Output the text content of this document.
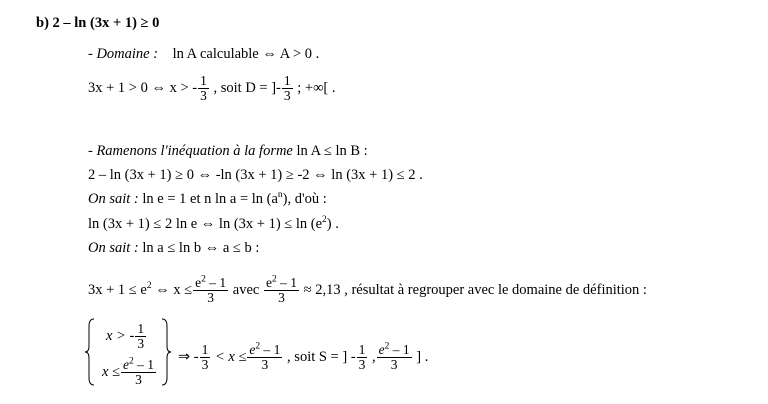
b) 2 – ln (3x + 1) ≥ 0
- Domaine : ln A calculable ⇔ A > 0 .
3x + 1 > 0 ⇔ x > - $\frac{1}{3}$ , soit D = ]- $\frac{1}{3}$ ; +∞[ .
- Ramenons l'inéquation à la forme ln A ≤ ln B :
2 – ln (3x + 1) ≥ 0 ⇔ -ln (3x + 1) ≥ -2 ⇔ ln (3x + 1) ≤ 2 .
On sait : ln e = 1 et n $\ln a = \ln (a^n)$, d'où :
ln (3x + 1) ≤ 2 ln e ⇔ $\ln (3x + 1) \le \ln (e^2)$ .
On sait : ln a ≤ ln b ⇔ a ≤ b :
$3x + 1 \le e^2$ ⇔ $x \le \frac{e^2 - 1}{3}$ avec $\frac{e^2 - 1}{3} \approx 2,13$ , résultat à regrouper avec le domaine de définition :
x > - $\frac{1}{3}$
$x \le \frac{e^2 - 1}{3}$
⇒ - $\frac{1}{3} < x \le \frac{e^2 - 1}{3}$ , soit S = ] - $\frac{1}{3}$ , $\frac{e^2 - 1}{3}$ ] .
